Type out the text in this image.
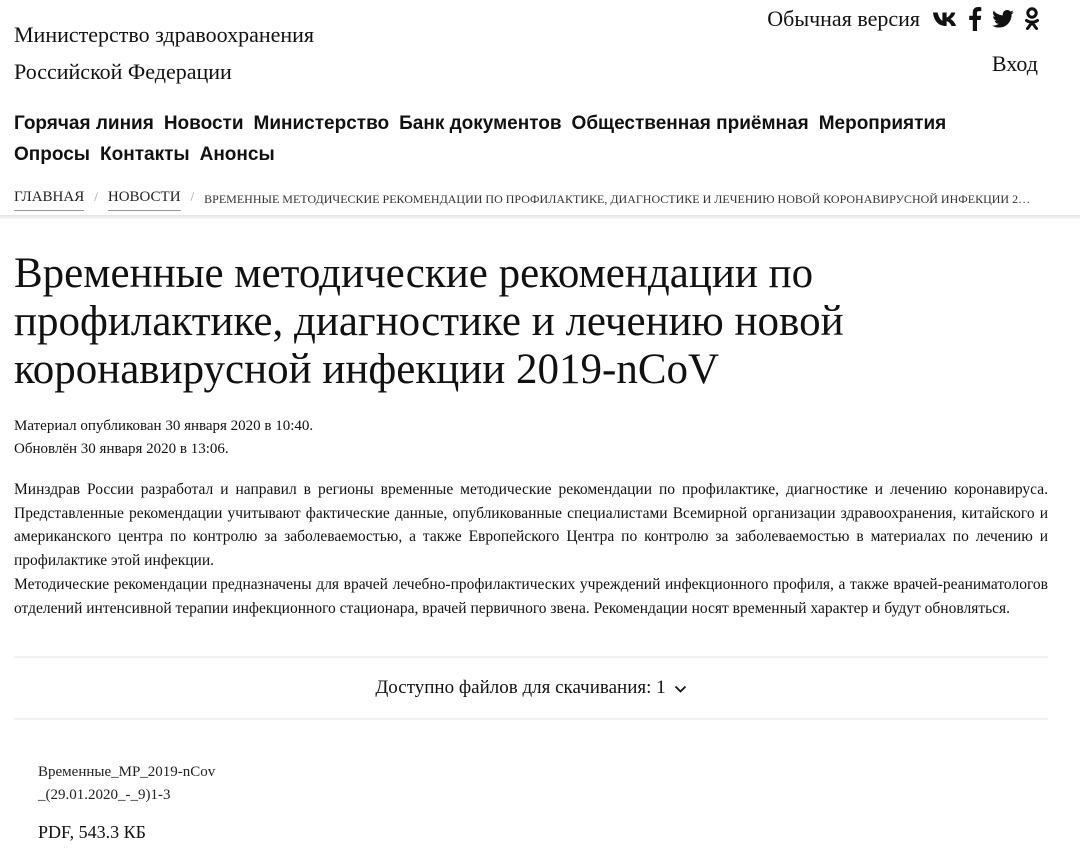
Министерство здравоохранения
Российской Федерации
Обычная версия
Вход
Горячая линия Новости Министерство Банк документов Общественная приёмная Мероприятия
Опросы Контакты Анонсы
ГЛАВНАЯ / НОВОСТИ / ВРЕМЕННЫЕ МЕТОДИЧЕСКИЕ РЕКОМЕНДАЦИИ ПО ПРОФИЛАКТИКЕ, ДИАГНОСТИКЕ И ЛЕЧЕНИЮ НОВОЙ КОРОНАВИРУСНОЙ ИНФЕКЦИИ 2…
Временные методические рекомендации по профилактике, диагностике и лечению новой коронавирусной инфекции 2019-nCoV
Материал опубликован 30 января 2020 в 10:40.
Обновлён 30 января 2020 в 13:06.

Минздрав России разработал и направил в регионы временные методические рекомендации по профилактике, диагностике и лечению коронавируса. Представленные рекомендации учитывают фактические данные, опубликованные специалистами Всемирной организации здравоохранения, китайского и американского центра по контролю за заболеваемостью, а также Европейского Центра по контролю за заболеваемостью в материалах по лечению и профилактике этой инфекции.

Методические рекомендации предназначены для врачей лечебно-профилактических учреждений инфекционного профиля, а также врачей-реаниматологов отделений интенсивной терапии инфекционного стационара, врачей первичного звена. Рекомендации носят временный характер и будут обновляться.

Доступно файлов для скачивания: 1
Временные_МР_2019-nCov_(29.01.2020_-_9)1-3
PDF, 543.3 КБ
